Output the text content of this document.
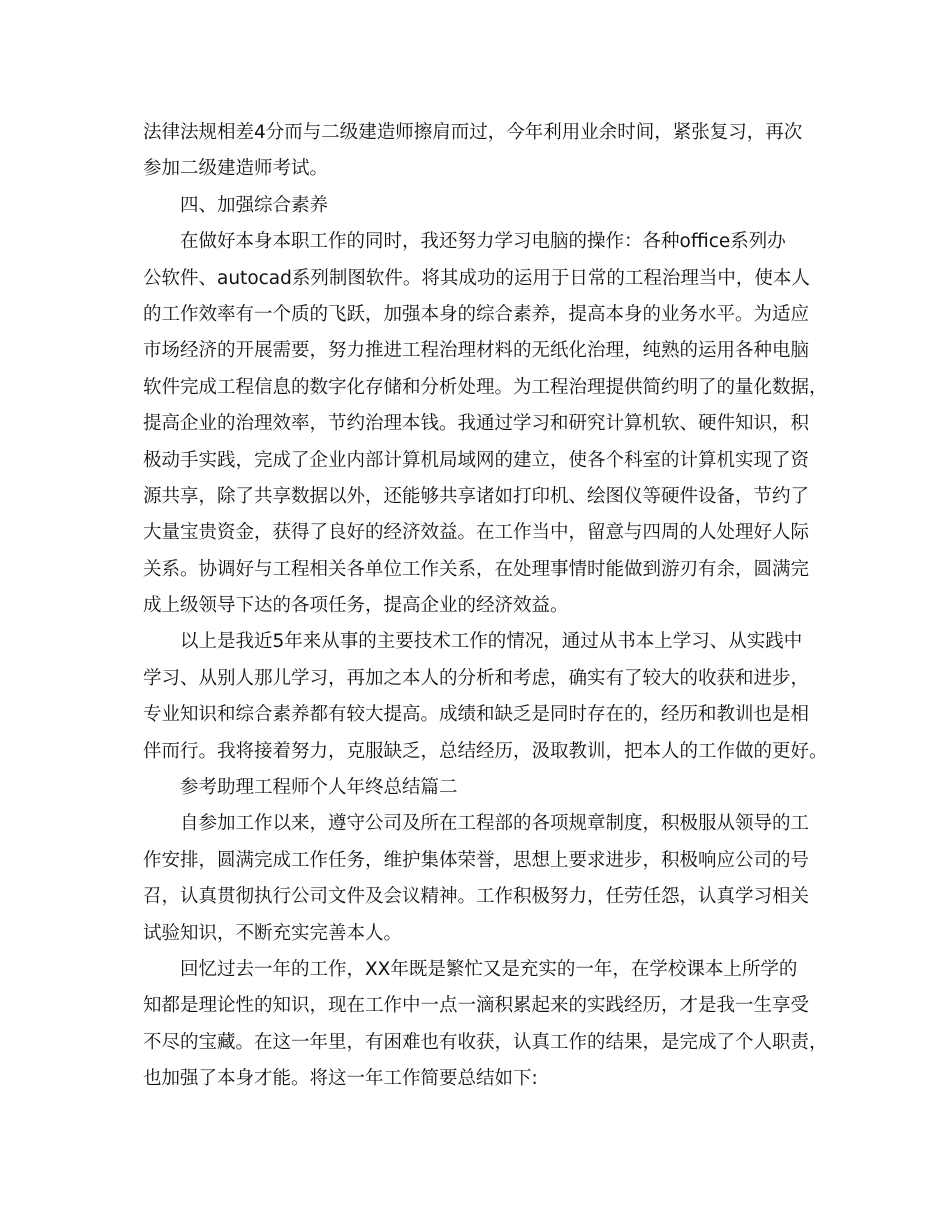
法律法规相差4分而与二级建造师擦肩而过，今年利用业余时间，紧张复习，再次
参加二级建造师考试。
四、加强综合素养
在做好本身本职工作的同时，我还努力学习电脑的操作：各种office系列办
公软件、autocad系列制图软件。将其成功的运用于日常的工程治理当中，使本人
的工作效率有一个质的飞跃，加强本身的综合素养，提高本身的业务水平。为适应
市场经济的开展需要，努力推进工程治理材料的无纸化治理，纯熟的运用各种电脑
软件完成工程信息的数字化存储和分析处理。为工程治理提供简约明了的量化数据，
提高企业的治理效率，节约治理本钱。我通过学习和研究计算机软、硬件知识，积
极动手实践，完成了企业内部计算机局域网的建立，使各个科室的计算机实现了资
源共享，除了共享数据以外，还能够共享诸如打印机、绘图仪等硬件设备，节约了
大量宝贵资金，获得了良好的经济效益。在工作当中，留意与四周的人处理好人际
关系。协调好与工程相关各单位工作关系，在处理事情时能做到游刃有余，圆满完
成上级领导下达的各项任务，提高企业的经济效益。
以上是我近5年来从事的主要技术工作的情况，通过从书本上学习、从实践中
学习、从别人那儿学习，再加之本人的分析和考虑，确实有了较大的收获和进步，
专业知识和综合素养都有较大提高。成绩和缺乏是同时存在的，经历和教训也是相
伴而行。我将接着努力，克服缺乏，总结经历，汲取教训，把本人的工作做的更好。
参考助理工程师个人年终总结篇二
自参加工作以来，遵守公司及所在工程部的各项规章制度，积极服从领导的工
作安排，圆满完成工作任务，维护集体荣誉，思想上要求进步，积极响应公司的号
召，认真贯彻执行公司文件及会议精神。工作积极努力，任劳任怨，认真学习相关
试验知识，不断充实完善本人。
回忆过去一年的工作，XX年既是繁忙又是充实的一年，在学校课本上所学的
知都是理论性的知识，现在工作中一点一滴积累起来的实践经历，才是我一生享受
不尽的宝藏。在这一年里，有困难也有收获，认真工作的结果，是完成了个人职责，
也加强了本身才能。将这一年工作简要总结如下:
